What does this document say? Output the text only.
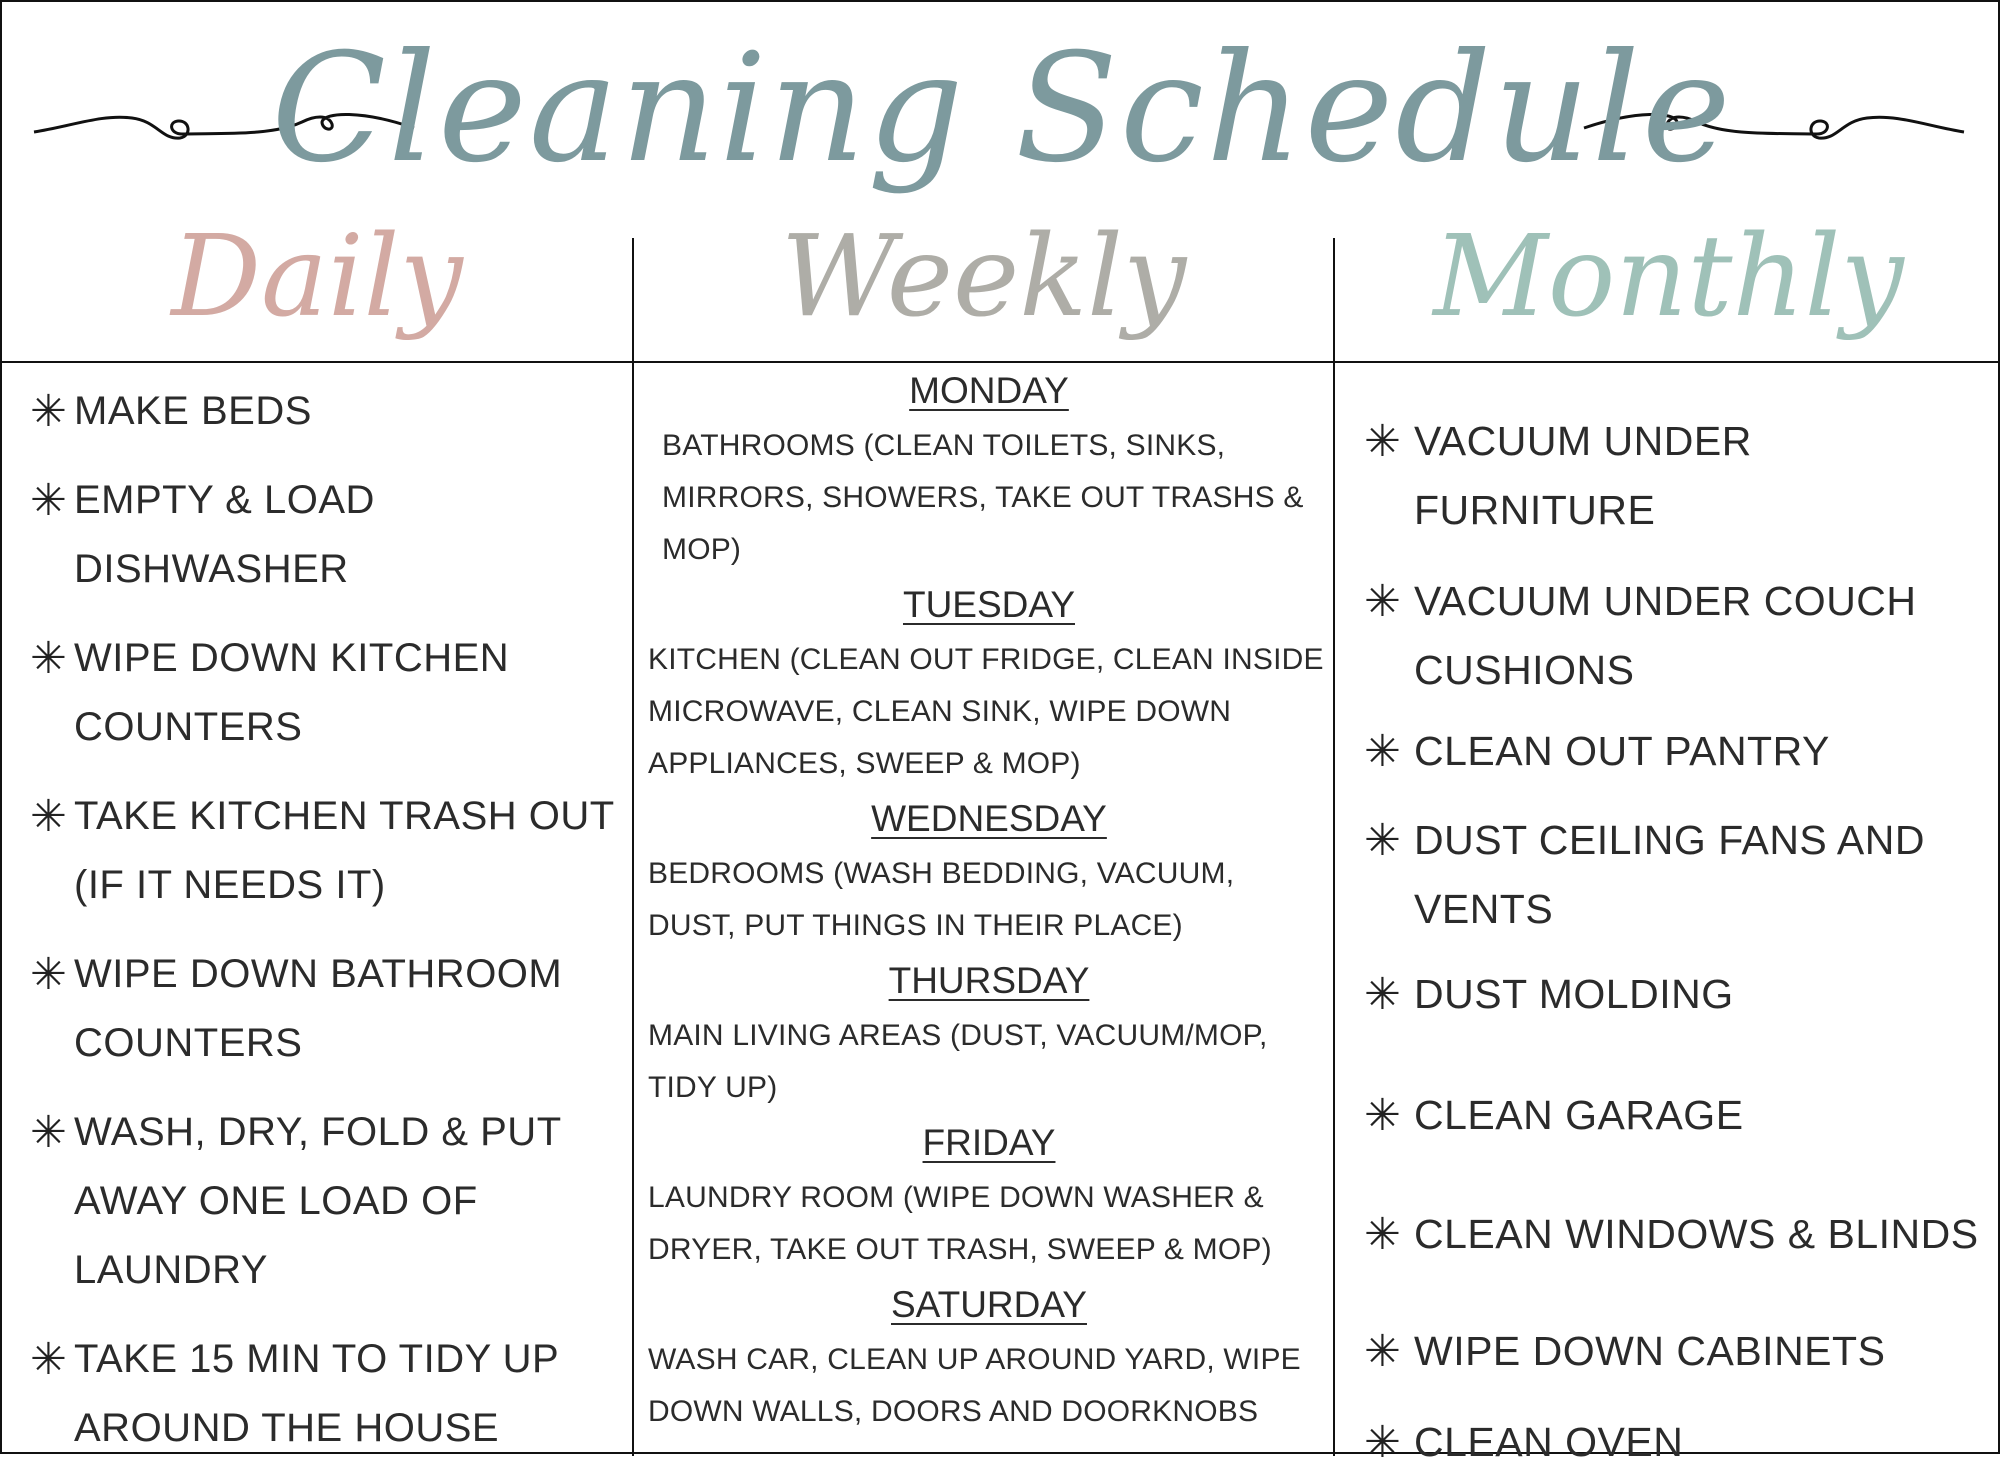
Cleaning Schedule
Daily	Weekly	Monthly
✳ MAKE BEDS
✳ EMPTY & LOAD DISHWASHER
✳ WIPE DOWN KITCHEN COUNTERS
✳ TAKE KITCHEN TRASH OUT (IF IT NEEDS IT)
✳ WIPE DOWN BATHROOM COUNTERS
✳ WASH, DRY, FOLD & PUT AWAY ONE LOAD OF LAUNDRY
✳ TAKE 15 MIN TO TIDY UP AROUND THE HOUSE
MONDAY
BATHROOMS (CLEAN TOILETS, SINKS, MIRRORS, SHOWERS, TAKE OUT TRASHS & MOP)
TUESDAY
KITCHEN (CLEAN OUT FRIDGE, CLEAN INSIDE MICROWAVE, CLEAN SINK, WIPE DOWN APPLIANCES, SWEEP & MOP)
WEDNESDAY
BEDROOMS (WASH BEDDING, VACUUM, DUST, PUT THINGS IN THEIR PLACE)
THURSDAY
MAIN LIVING AREAS (DUST, VACUUM/MOP, TIDY UP)
FRIDAY
LAUNDRY ROOM (WIPE DOWN WASHER & DRYER, TAKE OUT TRASH, SWEEP & MOP)
SATURDAY
WASH CAR, CLEAN UP AROUND YARD, WIPE DOWN WALLS, DOORS AND DOORKNOBS
✳ VACUUM UNDER FURNITURE
✳ VACUUM UNDER COUCH CUSHIONS
✳ CLEAN OUT PANTRY
✳ DUST CEILING FANS AND VENTS
✳ DUST MOLDING
✳ CLEAN GARAGE
✳ CLEAN WINDOWS & BLINDS
✳ WIPE DOWN CABINETS
✳ CLEAN OVEN
